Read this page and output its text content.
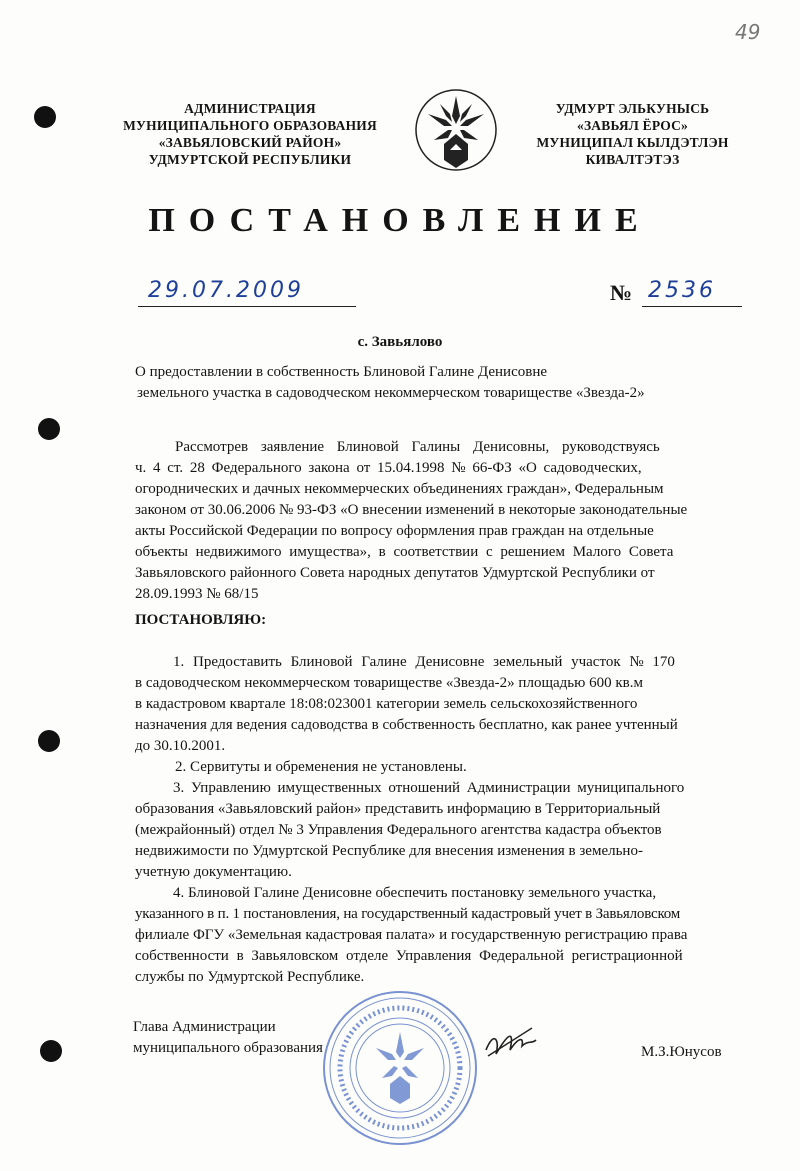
49
АДМИНИСТРАЦИЯ
МУНИЦИПАЛЬНОГО ОБРАЗОВАНИЯ
«ЗАВЬЯЛОВСКИЙ РАЙОН»
УДМУРТСКОЙ РЕСПУБЛИКИ
УДМУРТ ЭЛЬКУНЫСЬ
«ЗАВЬЯЛ ЁРОС»
МУНИЦИПАЛ КЫЛДЭТЛЭН
КИВАЛТЭТЭЗ
ПОСТАНОВЛЕНИЕ
29.07.2009	№ 2536
с. Завьялово
О предоставлении в собственность Блиновой Галине Денисовне
земельного участка в садоводческом некоммерческом товариществе «Звезда-2»
Рассмотрев заявление Блиновой Галины Денисовны, руководствуясь
ч. 4 ст. 28 Федерального закона от 15.04.1998 № 66-ФЗ «О садоводческих,
огороднических и дачных некоммерческих объединениях граждан», Федеральным
законом от 30.06.2006 № 93-ФЗ «О внесении изменений в некоторые законодательные
акты Российской Федерации по вопросу оформления прав граждан на отдельные
объекты недвижимого имущества», в соответствии с решением Малого Совета
Завьяловского районного Совета народных депутатов Удмуртской Республики от
28.09.1993 № 68/15
ПОСТАНОВЛЯЮ:
1. Предоставить Блиновой Галине Денисовне земельный участок № 170
в садоводческом некоммерческом товариществе «Звезда-2» площадью 600 кв.м
в кадастровом квартале 18:08:023001 категории земель сельскохозяйственного
назначения для ведения садоводства в собственность бесплатно, как ранее учтенный
до 30.10.2001.
2. Сервитуты и обременения не установлены.
3. Управлению имущественных отношений Администрации муниципального
образования «Завьяловский район» представить информацию в Территориальный
(межрайонный) отдел № 3 Управления Федерального агентства кадастра объектов
недвижимости по Удмуртской Республике для внесения изменения в земельно-
учетную документацию.
4. Блиновой Галине Денисовне обеспечить постановку земельного участка,
указанного в п. 1 постановления, на государственный кадастровый учет в Завьяловском
филиале ФГУ «Земельная кадастровая палата» и государственную регистрацию права
собственности в Завьяловском отделе Управления Федеральной регистрационной
службы по Удмуртской Республике.
Глава Администрации
муниципального образования	М.З.Юнусов
